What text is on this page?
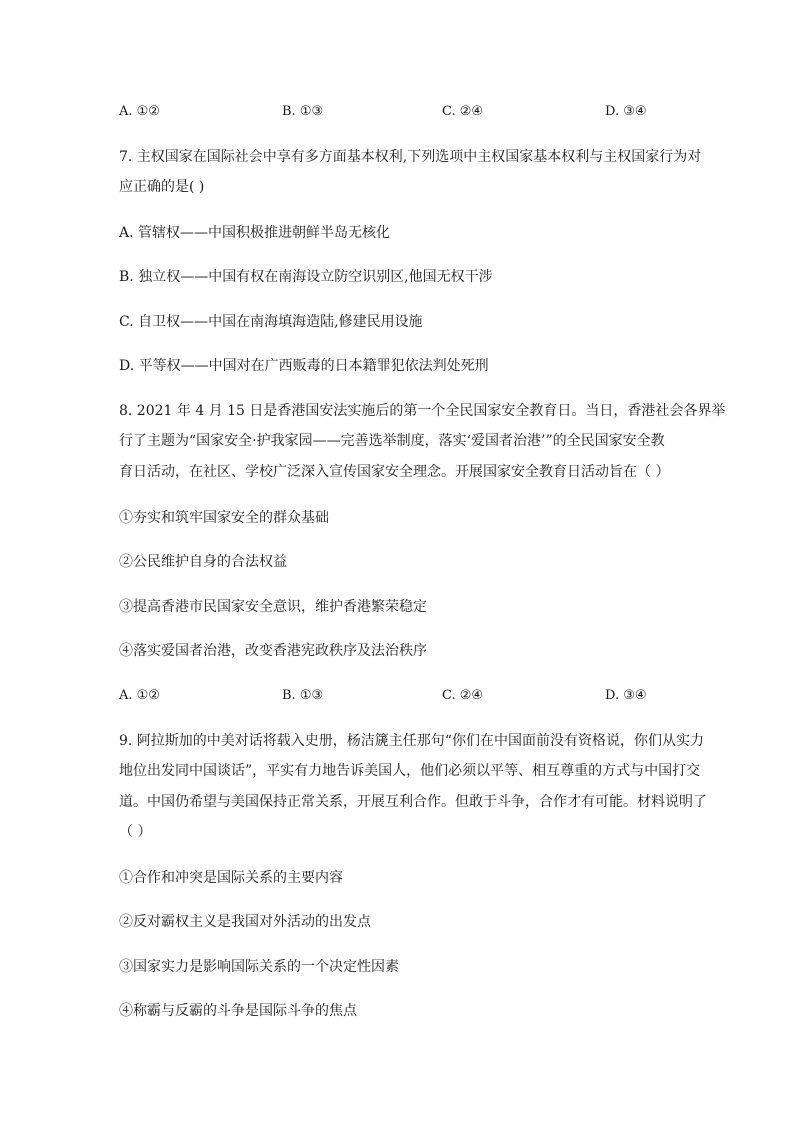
A. ①②	B. ①③	C. ②④	D. ③④
7. 主权国家在国际社会中享有多方面基本权利,下列选项中主权国家基本权利与主权国家行为对
应正确的是( )
A. 管辖权——中国积极推进朝鲜半岛无核化
B. 独立权——中国有权在南海设立防空识别区,他国无权干涉
C. 自卫权——中国在南海填海造陆,修建民用设施
D. 平等权——中国对在广西贩毒的日本籍罪犯依法判处死刑
8. 2021 年 4 月 15 日是香港国安法实施后的第一个全民国家安全教育日。当日，香港社会各界举
行了主题为“国家安全·护我家园——完善选举制度，落实‘爱国者治港’”的全民国家安全教
育日活动，在社区、学校广泛深入宣传国家安全理念。开展国家安全教育日活动旨在（ ）
①夯实和筑牢国家安全的群众基础
②公民维护自身的合法权益
③提高香港市民国家安全意识，维护香港繁荣稳定
④落实爱国者治港，改变香港宪政秩序及法治秩序
A. ①②	B. ①③	C. ②④	D. ③④
9. 阿拉斯加的中美对话将载入史册，杨洁篪主任那句“你们在中国面前没有资格说，你们从实力
地位出发同中国谈话”，平实有力地告诉美国人，他们必须以平等、相互尊重的方式与中国打交
道。中国仍希望与美国保持正常关系，开展互利合作。但敢于斗争，合作才有可能。材料说明了
（ ）
①合作和冲突是国际关系的主要内容
②反对霸权主义是我国对外活动的出发点
③国家实力是影响国际关系的一个决定性因素
④称霸与反霸的斗争是国际斗争的焦点
